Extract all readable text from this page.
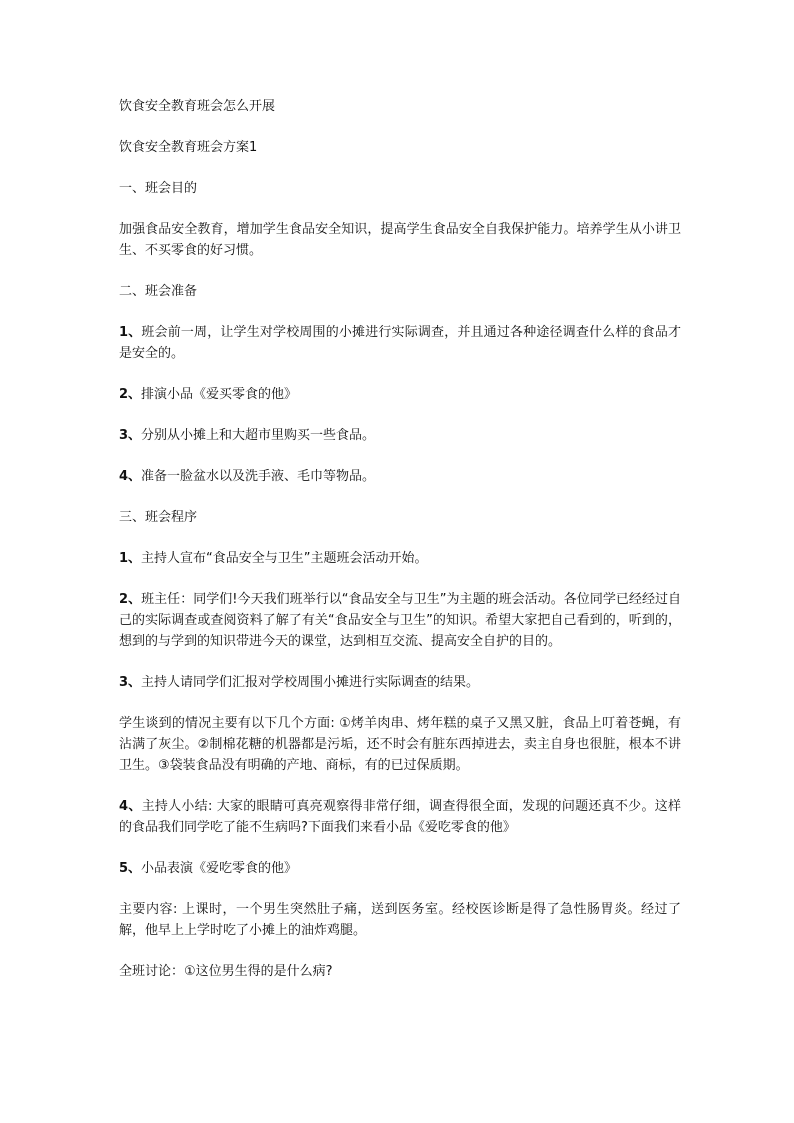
饮食安全教育班会怎么开展

饮食安全教育班会方案1

一、班会目的

加强食品安全教育，增加学生食品安全知识，提高学生食品安全自我保护能力。培养学生从小讲卫生、不买零食的好习惯。

二、班会准备

1、班会前一周，让学生对学校周围的小摊进行实际调查，并且通过各种途径调查什么样的食品才是安全的。

2、排演小品《爱买零食的他》

3、分别从小摊上和大超市里购买一些食品。

4、准备一脸盆水以及洗手液、毛巾等物品。

三、班会程序

1、主持人宣布“食品安全与卫生”主题班会活动开始。

2、班主任：同学们!今天我们班举行以“食品安全与卫生”为主题的班会活动。各位同学已经经过自己的实际调查或查阅资料了解了有关“食品安全与卫生”的知识。希望大家把自己看到的，听到的，想到的与学到的知识带进今天的课堂，达到相互交流、提高安全自护的目的。

3、主持人请同学们汇报对学校周围小摊进行实际调查的结果。

学生谈到的情况主要有以下几个方面: ①烤羊肉串、烤年糕的桌子又黑又脏，食品上叮着苍蝇，有沾满了灰尘。②制棉花糖的机器都是污垢，还不时会有脏东西掉进去，卖主自身也很脏，根本不讲卫生。③袋装食品没有明确的产地、商标，有的已过保质期。

4、主持人小结: 大家的眼睛可真亮观察得非常仔细，调查得很全面，发现的问题还真不少。这样的食品我们同学吃了能不生病吗?下面我们来看小品《爱吃零食的他》

5、小品表演《爱吃零食的他》

主要内容: 上课时，一个男生突然肚子痛，送到医务室。经校医诊断是得了急性肠胃炎。经过了解，他早上上学时吃了小摊上的油炸鸡腿。

全班讨论：①这位男生得的是什么病?
